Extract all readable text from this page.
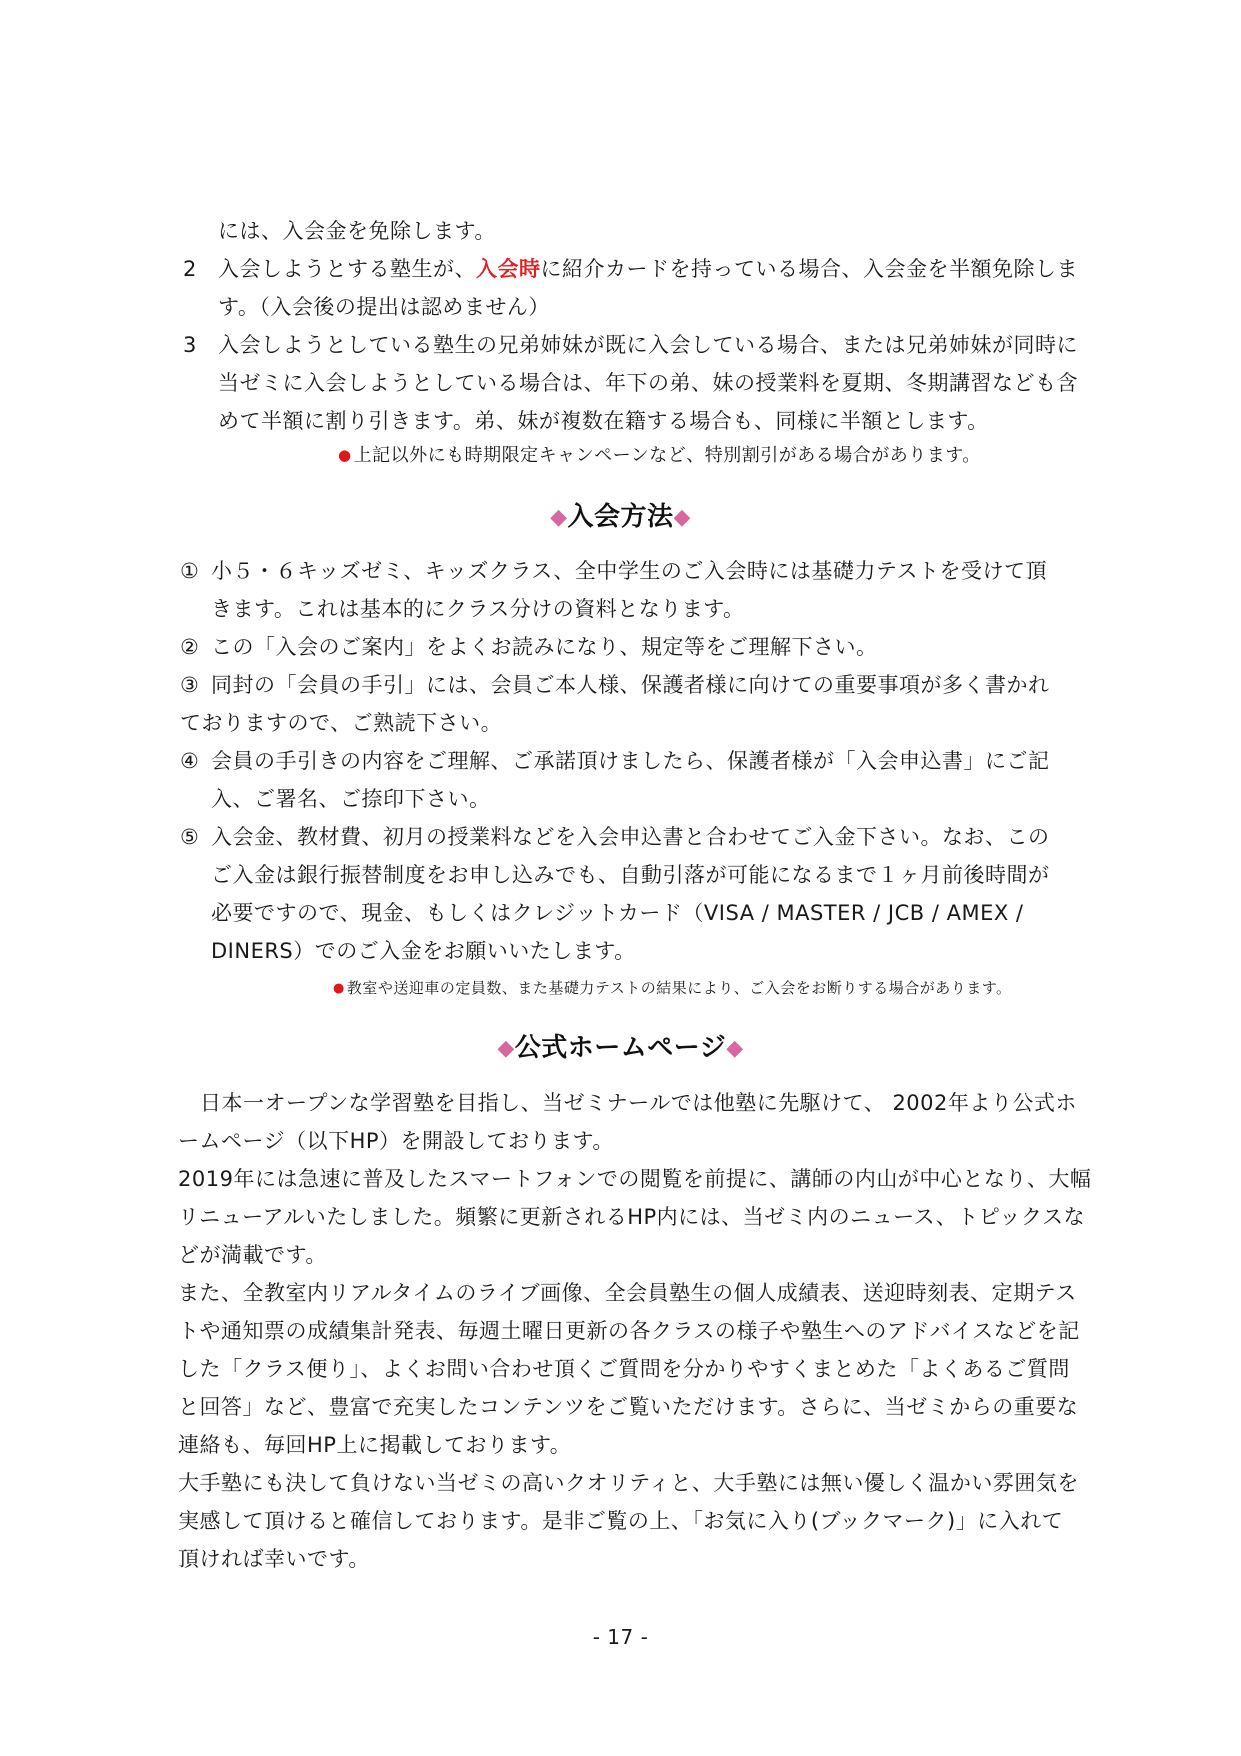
には、入会金を免除します。
2 入会しようとする塾生が、入会時に紹介カードを持っている場合、入会金を半額免除しま
す。（入会後の提出は認めません）
3 入会しようとしている塾生の兄弟姉妹が既に入会している場合、または兄弟姉妹が同時に
当ゼミに入会しようとしている場合は、年下の弟、妹の授業料を夏期、冬期講習なども含
めて半額に割り引きます。弟、妹が複数在籍する場合も、同様に半額とします。
● 上記以外にも時期限定キャンペーンなど、特別割引がある場合があります。
◆入会方法◆
① 小５・６キッズゼミ、キッズクラス、全中学生のご入会時には基礎力テストを受けて頂
きます。これは基本的にクラス分けの資料となります。
② この「入会のご案内」をよくお読みになり、規定等をご理解下さい。
③ 同封の「会員の手引」には、会員ご本人様、保護者様に向けての重要事項が多く書かれ
ておりますので、ご熟読下さい。
④ 会員の手引きの内容をご理解、ご承諾頂けましたら、保護者様が「入会申込書」にご記
入、ご署名、ご捺印下さい。
⑤ 入会金、教材費、初月の授業料などを入会申込書と合わせてご入金下さい。なお、この
ご入金は銀行振替制度をお申し込みでも、自動引落が可能になるまで１ヶ月前後時間が
必要ですので、現金、もしくはクレジットカード（VISA / MASTER / JCB / AMEX /
DINERS）でのご入金をお願いいたします。
● 教室や送迎車の定員数、また基礎力テストの結果により、ご入会をお断りする場合があります。
◆公式ホームページ◆
日本一オープンな学習塾を目指し、当ゼミナールでは他塾に先駆けて、 2002年より公式ホ
ームページ（以下HP）を開設しております。
2019年には急速に普及したスマートフォンでの閲覧を前提に、講師の内山が中心となり、大幅
リニューアルいたしました。頻繁に更新されるHP内には、当ゼミ内のニュース、トピックスな
どが満載です。
また、全教室内リアルタイムのライブ画像、全会員塾生の個人成績表、送迎時刻表、定期テス
トや通知票の成績集計発表、毎週土曜日更新の各クラスの様子や塾生へのアドバイスなどを記
した「クラス便り」、よくお問い合わせ頂くご質問を分かりやすくまとめた「よくあるご質問
と回答」など、豊富で充実したコンテンツをご覧いただけます。さらに、当ゼミからの重要な
連絡も、毎回HP上に掲載しております。
大手塾にも決して負けない当ゼミの高いクオリティと、大手塾には無い優しく温かい雰囲気を
実感して頂けると確信しております。是非ご覧の上、「お気に入り(ブックマーク)」に入れて
頂ければ幸いです。
- 17 -
